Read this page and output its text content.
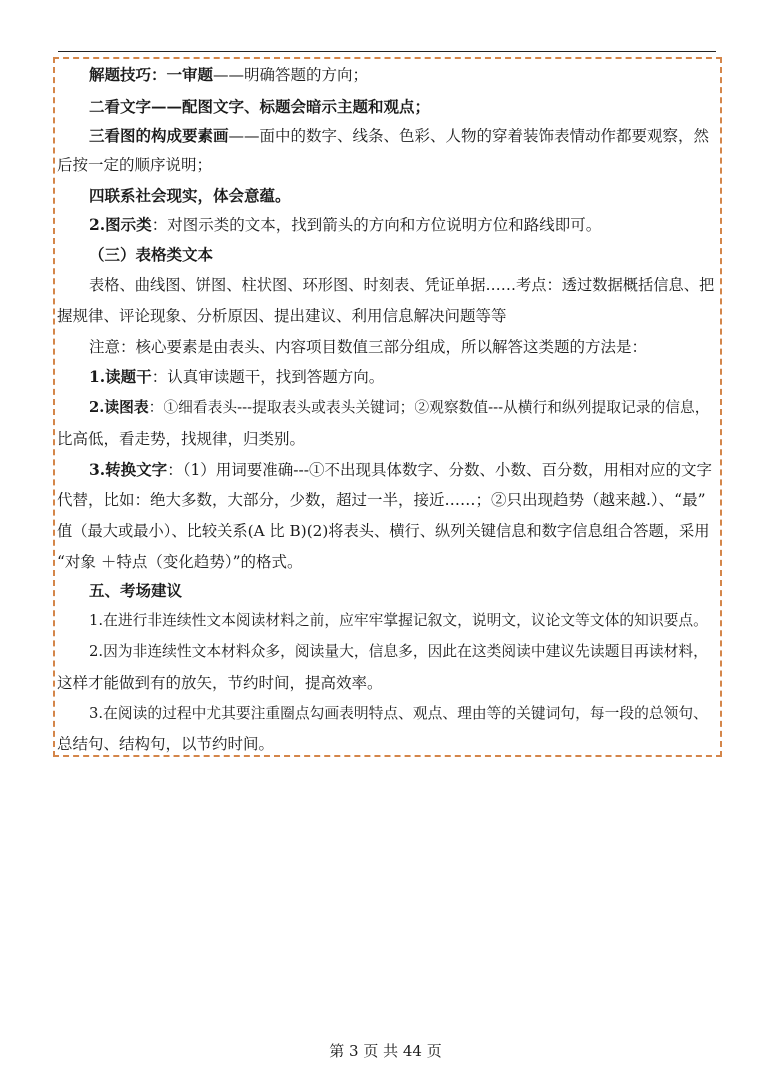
解题技巧：一审题——明确答题的方向；
二看文字——配图文字、标题会暗示主题和观点；
三看图的构成要素画——面中的数字、线条、色彩、人物的穿着装饰表情动作都要观察，然
后按一定的顺序说明；
四联系社会现实，体会意蕴。
2.图示类：对图示类的文本，找到箭头的方向和方位说明方位和路线即可。
（三）表格类文本
表格、曲线图、饼图、柱状图、环形图、时刻表、凭证单据……考点：透过数据概括信息、把
握规律、评论现象、分析原因、提出建议、利用信息解决问题等等
注意：核心要素是由表头、内容项目数值三部分组成，所以解答这类题的方法是：
1.读题干：认真审读题干，找到答题方向。
2.读图表：①细看表头---提取表头或表头关键词；②观察数值---从横行和纵列提取记录的信息，
比高低，看走势，找规律，归类别。
3.转换文字：（1）用词要准确---①不出现具体数字、分数、小数、百分数，用相对应的文字
代替，比如：绝大多数，大部分，少数，超过一半，接近……；②只出现趋势（越来越.）、“最”
值（最大或最小）、比较关系(A 比 B)(2)将表头、横行、纵列关键信息和数字信息组合答题，采用
“对象 ＋特点（变化趋势）”的格式。
五、考场建议
1.在进行非连续性文本阅读材料之前，应牢牢掌握记叙文，说明文，议论文等文体的知识要点。
2.因为非连续性文本材料众多，阅读量大，信息多，因此在这类阅读中建议先读题目再读材料，
这样才能做到有的放矢，节约时间，提高效率。
3.在阅读的过程中尤其要注重圈点勾画表明特点、观点、理由等的关键词句，每一段的总领句、
总结句、结构句，以节约时间。
第 3 页 共 44 页
